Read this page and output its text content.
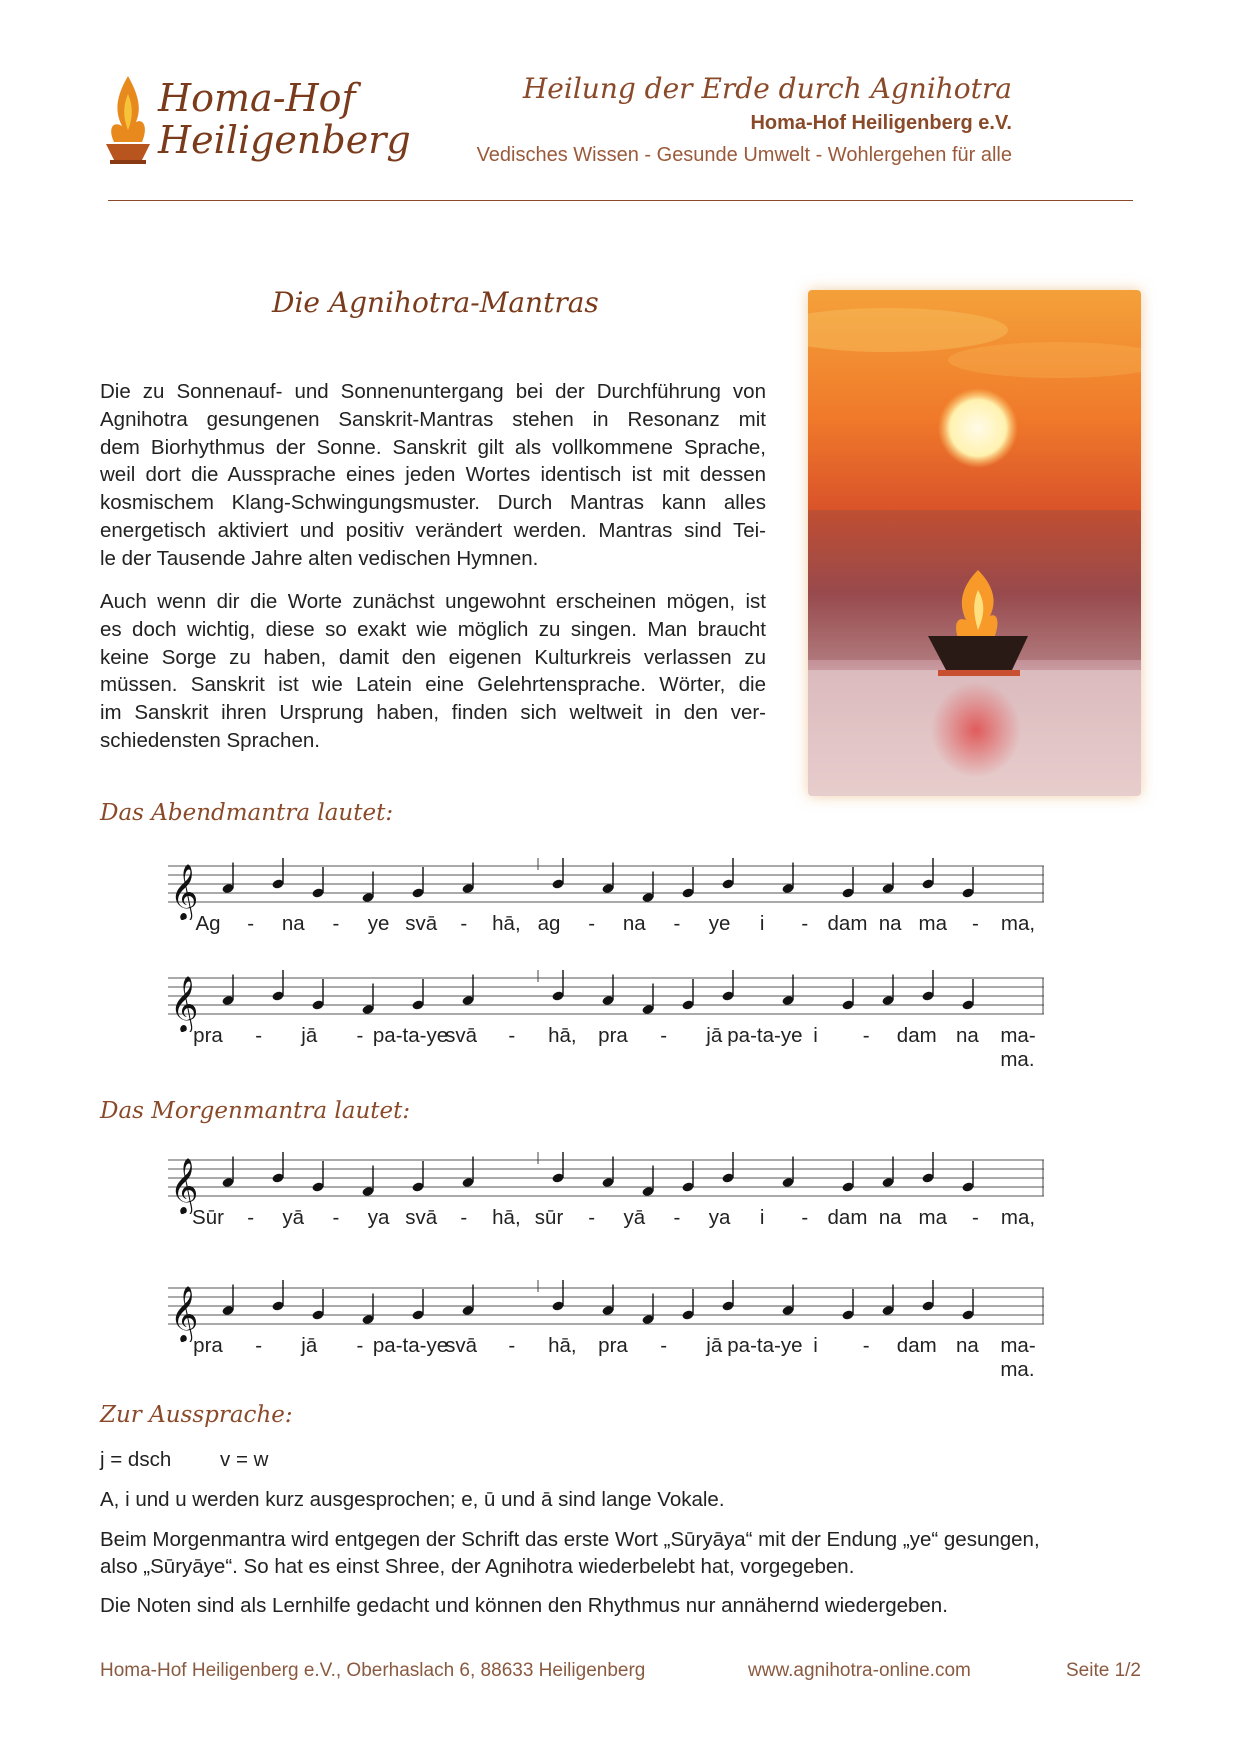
Homa-Hof
Heiligenberg
Heilung der Erde durch Agnihotra
Homa-Hof Heiligenberg e.V.
Vedisches Wissen - Gesunde Umwelt - Wohlergehen für alle
Die Agnihotra-Mantras
Die zu Sonnenauf- und Sonnenuntergang bei der Durchführung von
Agnihotra gesungenen Sanskrit-Mantras stehen in Resonanz mit
dem Biorhythmus der Sonne. Sanskrit gilt als vollkommene Sprache,
weil dort die Aussprache eines jeden Wortes identisch ist mit dessen
kosmischem Klang-Schwingungsmuster. Durch Mantras kann alles
energetisch aktiviert und positiv verändert werden. Mantras sind Tei-
le der Tausende Jahre alten vedischen Hymnen.
Auch wenn dir die Worte zunächst ungewohnt erscheinen mögen, ist
es doch wichtig, diese so exakt wie möglich zu singen. Man braucht
keine Sorge zu haben, damit den eigenen Kulturkreis verlassen zu
müssen. Sanskrit ist wie Latein eine Gelehrtensprache. Wörter, die
im Sanskrit ihren Ursprung haben, finden sich weltweit in den ver-
schiedensten Sprachen.
Das Abendmantra lautet:
𝄞
Ag - na - ye svā - hā, ag - na - ye i - dam na ma - ma,
𝄞
pra - jā - pa-ta-ye
svā - hā, pra - jā pa-ta-ye i - dam na ma-ma.
Das Morgenmantra lautet:
𝄞
Sūr - yā - ya svā - hā, sūr - yā - ya i - dam na ma - ma,
𝄞
pra - jā - pa-ta-ye
svā - hā, pra - jā pa-ta-ye i - dam na ma-ma.
Zur Aussprache:
j = dsch v = w
A, i und u werden kurz ausgesprochen; e, ū und ā sind lange Vokale.
Beim Morgenmantra wird entgegen der Schrift das erste Wort „Sūryāya“ mit der Endung „ye“ gesungen,
also „Sūryāye“. So hat es einst Shree, der Agnihotra wiederbelebt hat, vorgegeben.
Die Noten sind als Lernhilfe gedacht und können den Rhythmus nur annähernd wiedergeben.
Homa-Hof Heiligenberg e.V., Oberhaslach 6, 88633 Heiligenberg	www.agnihotra-online.com	Seite 1/2
